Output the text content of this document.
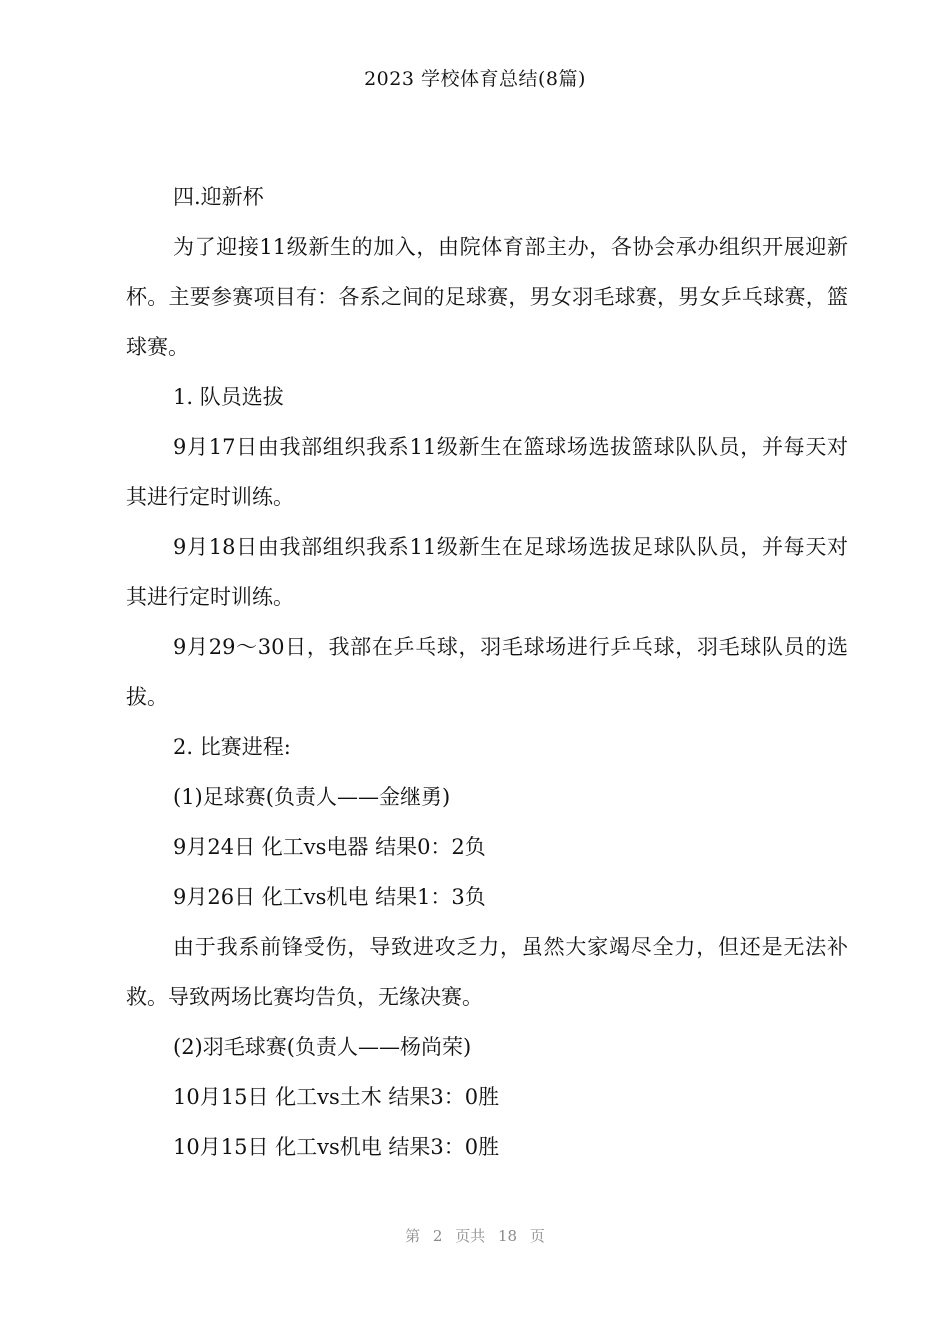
2023 学校体育总结(8篇)

四.迎新杯

为了迎接11级新生的加入，由院体育部主办，各协会承办组织开展迎新杯。主要参赛项目有：各系之间的足球赛，男女羽毛球赛，男女乒乓球赛，篮球赛。

1. 队员选拔

9月17日由我部组织我系11级新生在篮球场选拔篮球队队员，并每天对其进行定时训练。

9月18日由我部组织我系11级新生在足球场选拔足球队队员，并每天对其进行定时训练。

9月29～30日，我部在乒乓球，羽毛球场进行乒乓球，羽毛球队员的选拔。

2. 比赛进程:

(1)足球赛(负责人——金继勇)

9月24日 化工vs电器 结果0：2负

9月26日 化工vs机电 结果1：3负

由于我系前锋受伤，导致进攻乏力，虽然大家竭尽全力，但还是无法补救。导致两场比赛均告负，无缘决赛。

(2)羽毛球赛(负责人——杨尚荣)

10月15日 化工vs土木 结果3：0胜

10月15日 化工vs机电 结果3：0胜

第 2 页共 18 页
